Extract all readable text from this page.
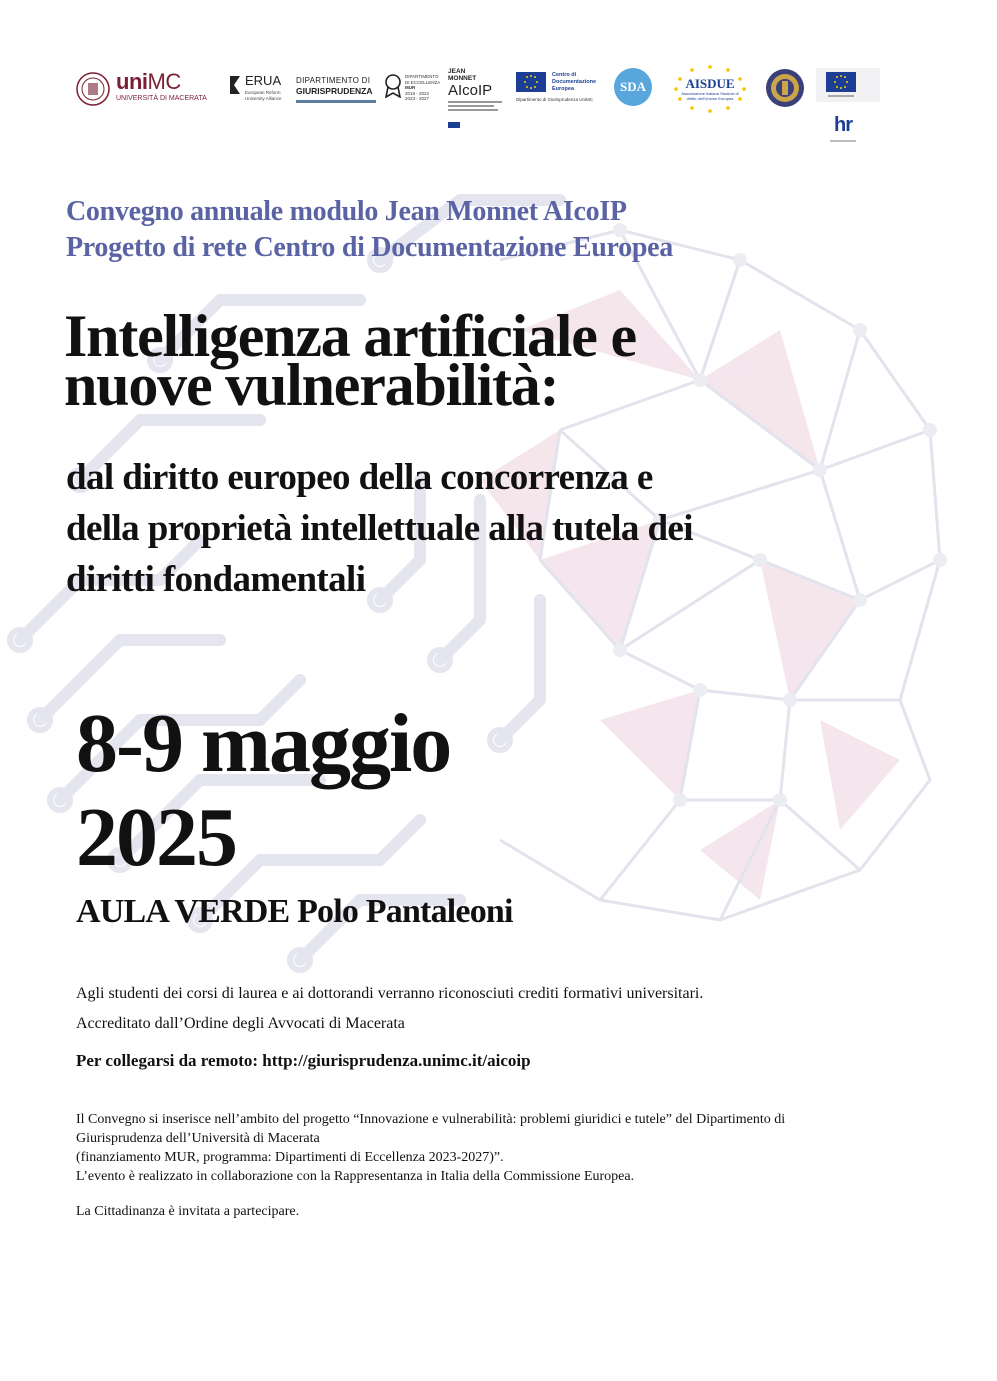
uniMC
UNIVERSITÀ DI MACERATA
ERUA
European Reform University Alliance
DIPARTIMENTO DI
GIURISPRUDENZA
DIPARTIMENTO
DI ECCELLENZA
MUR
2018 - 2022
2023 - 2027
JEAN
MONNET
AIcoIP
Centro di
Documentazione
Europea
Dipartimento di Giurisprudenza UniMC
SDA	AISDUE
Associazione Italiana Studiosi di diritto dell'Unione Europea
hr
Convegno annuale modulo Jean Monnet AIcoIP
Progetto di rete Centro di Documentazione Europea
Intelligenza artificiale e
nuove vulnerabilità:
dal diritto europeo della concorrenza e
della proprietà intellettuale alla tutela dei
diritti fondamentali
8-9 maggio
2025
AULA VERDE Polo Pantaleoni
Agli studenti dei corsi di laurea e ai dottorandi verranno riconosciuti crediti formativi universitari.
Accreditato dall’Ordine degli Avvocati di Macerata
Per collegarsi da remoto: http://giurisprudenza.unimc.it/aicoip
Il Convegno si inserisce nell’ambito del progetto “Innovazione e vulnerabilità: problemi giuridici e tutele” del Dipartimento di
Giurisprudenza dell’Università di Macerata
(finanziamento MUR, programma: Dipartimenti di Eccellenza 2023-2027)”.
L’evento è realizzato in collaborazione con la Rappresentanza in Italia della Commissione Europea.
La Cittadinanza è invitata a partecipare.
